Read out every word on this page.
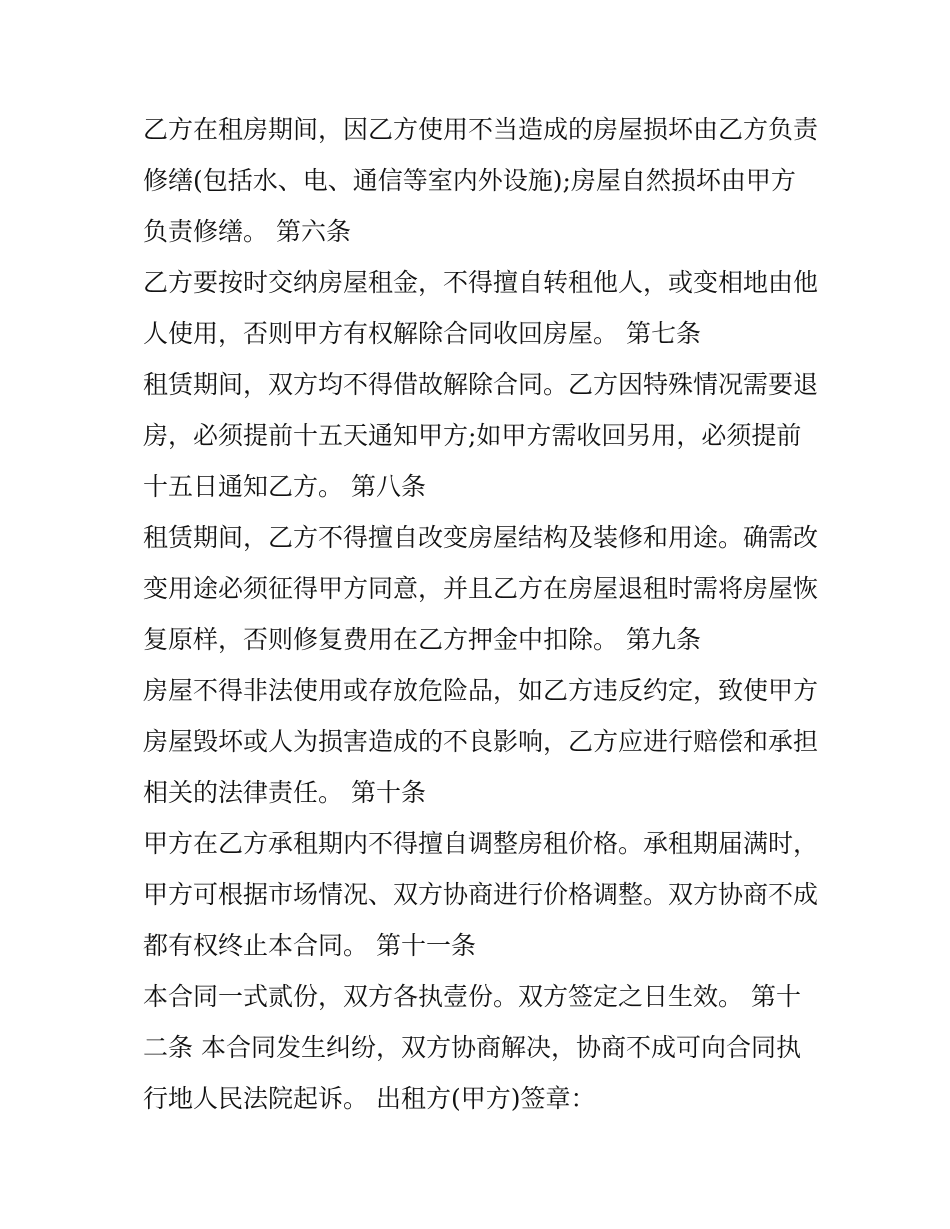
乙方在租房期间，因乙方使用不当造成的房屋损坏由乙方负责
修缮(包括水、电、通信等室内外设施);房屋自然损坏由甲方
负责修缮。 第六条
乙方要按时交纳房屋租金，不得擅自转租他人，或变相地由他
人使用，否则甲方有权解除合同收回房屋。 第七条
租赁期间，双方均不得借故解除合同。乙方因特殊情况需要退
房，必须提前十五天通知甲方;如甲方需收回另用，必须提前
十五日通知乙方。 第八条
租赁期间，乙方不得擅自改变房屋结构及装修和用途。确需改
变用途必须征得甲方同意，并且乙方在房屋退租时需将房屋恢
复原样，否则修复费用在乙方押金中扣除。 第九条
房屋不得非法使用或存放危险品，如乙方违反约定，致使甲方
房屋毁坏或人为损害造成的不良影响，乙方应进行赔偿和承担
相关的法律责任。 第十条
甲方在乙方承租期内不得擅自调整房租价格。承租期届满时，
甲方可根据市场情况、双方协商进行价格调整。双方协商不成
都有权终止本合同。 第十一条
本合同一式贰份，双方各执壹份。双方签定之日生效。 第十
二条 本合同发生纠纷，双方协商解决，协商不成可向合同执
行地人民法院起诉。 出租方(甲方)签章：
